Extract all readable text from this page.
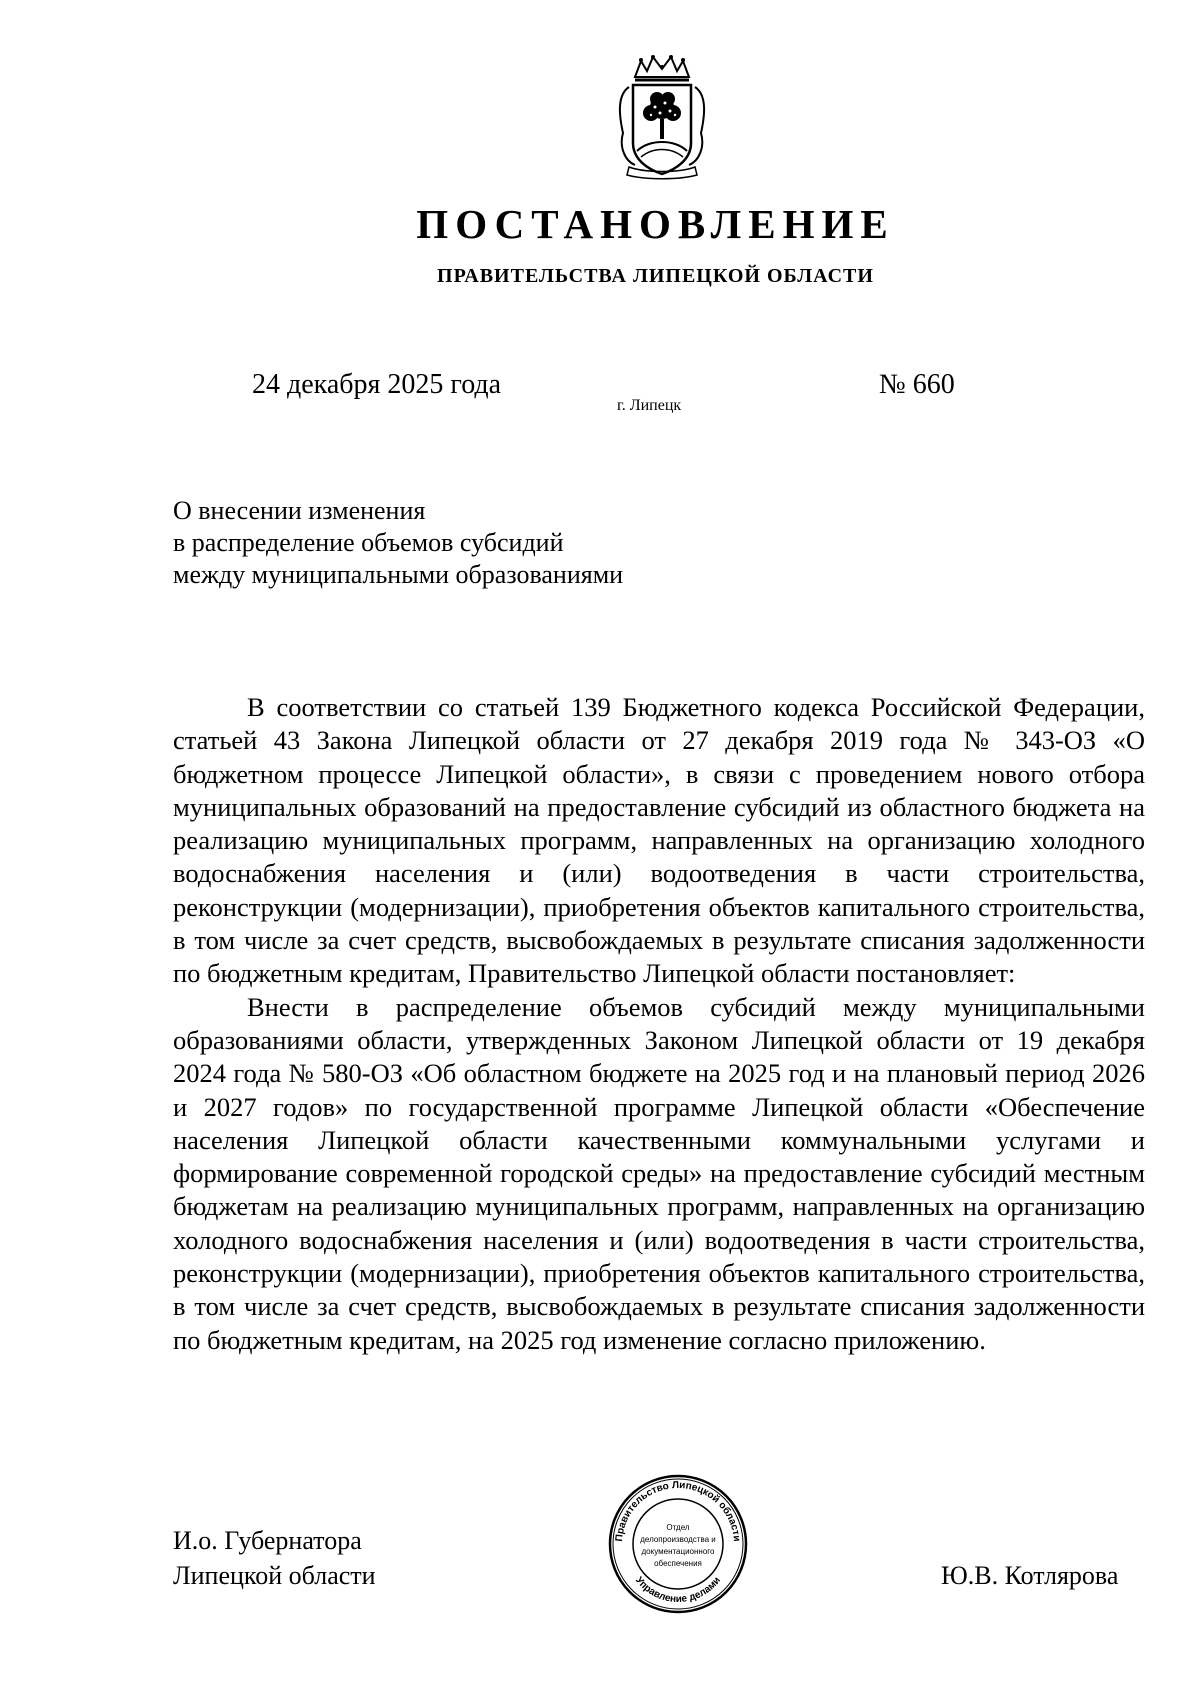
ПОСТАНОВЛЕНИЕ
ПРАВИТЕЛЬСТВА ЛИПЕЦКОЙ ОБЛАСТИ
24 декабря 2025 года
г. Липецк
№ 660
О внесении изменения
в распределение объемов субсидий
между муниципальными образованиями

В соответствии со статьей 139 Бюджетного кодекса Российской Федерации, статьей 43 Закона Липецкой области от 27 декабря 2019 года № 343-ОЗ «О бюджетном процессе Липецкой области», в связи с проведением нового отбора муниципальных образований на предоставление субсидий из областного бюджета на реализацию муниципальных программ, направленных на организацию холодного водоснабжения населения и (или) водоотведения в части строительства, реконструкции (модернизации), приобретения объектов капитального строительства, в том числе за счет средств, высвобождаемых в результате списания задолженности по бюджетным кредитам, Правительство Липецкой области постановляет:

Внести в распределение объемов субсидий между муниципальными образованиями области, утвержденных Законом Липецкой области от 19 декабря 2024 года № 580-ОЗ «Об областном бюджете на 2025 год и на плановый период 2026 и 2027 годов» по государственной программе Липецкой области «Обеспечение населения Липецкой области качественными коммунальными услугами и формирование современной городской среды» на предоставление субсидий местным бюджетам на реализацию муниципальных программ, направленных на организацию холодного водоснабжения населения и (или) водоотведения в части строительства, реконструкции (модернизации), приобретения объектов капитального строительства, в том числе за счет средств, высвобождаемых в результате списания задолженности по бюджетным кредитам, на 2025 год изменение согласно приложению.

И.о. Губернатора
Липецкой области
Правительство Липецкой области
Управление делами
Отдел
делопроизводства и
документационного
обеспечения	Ю.В. Котлярова
